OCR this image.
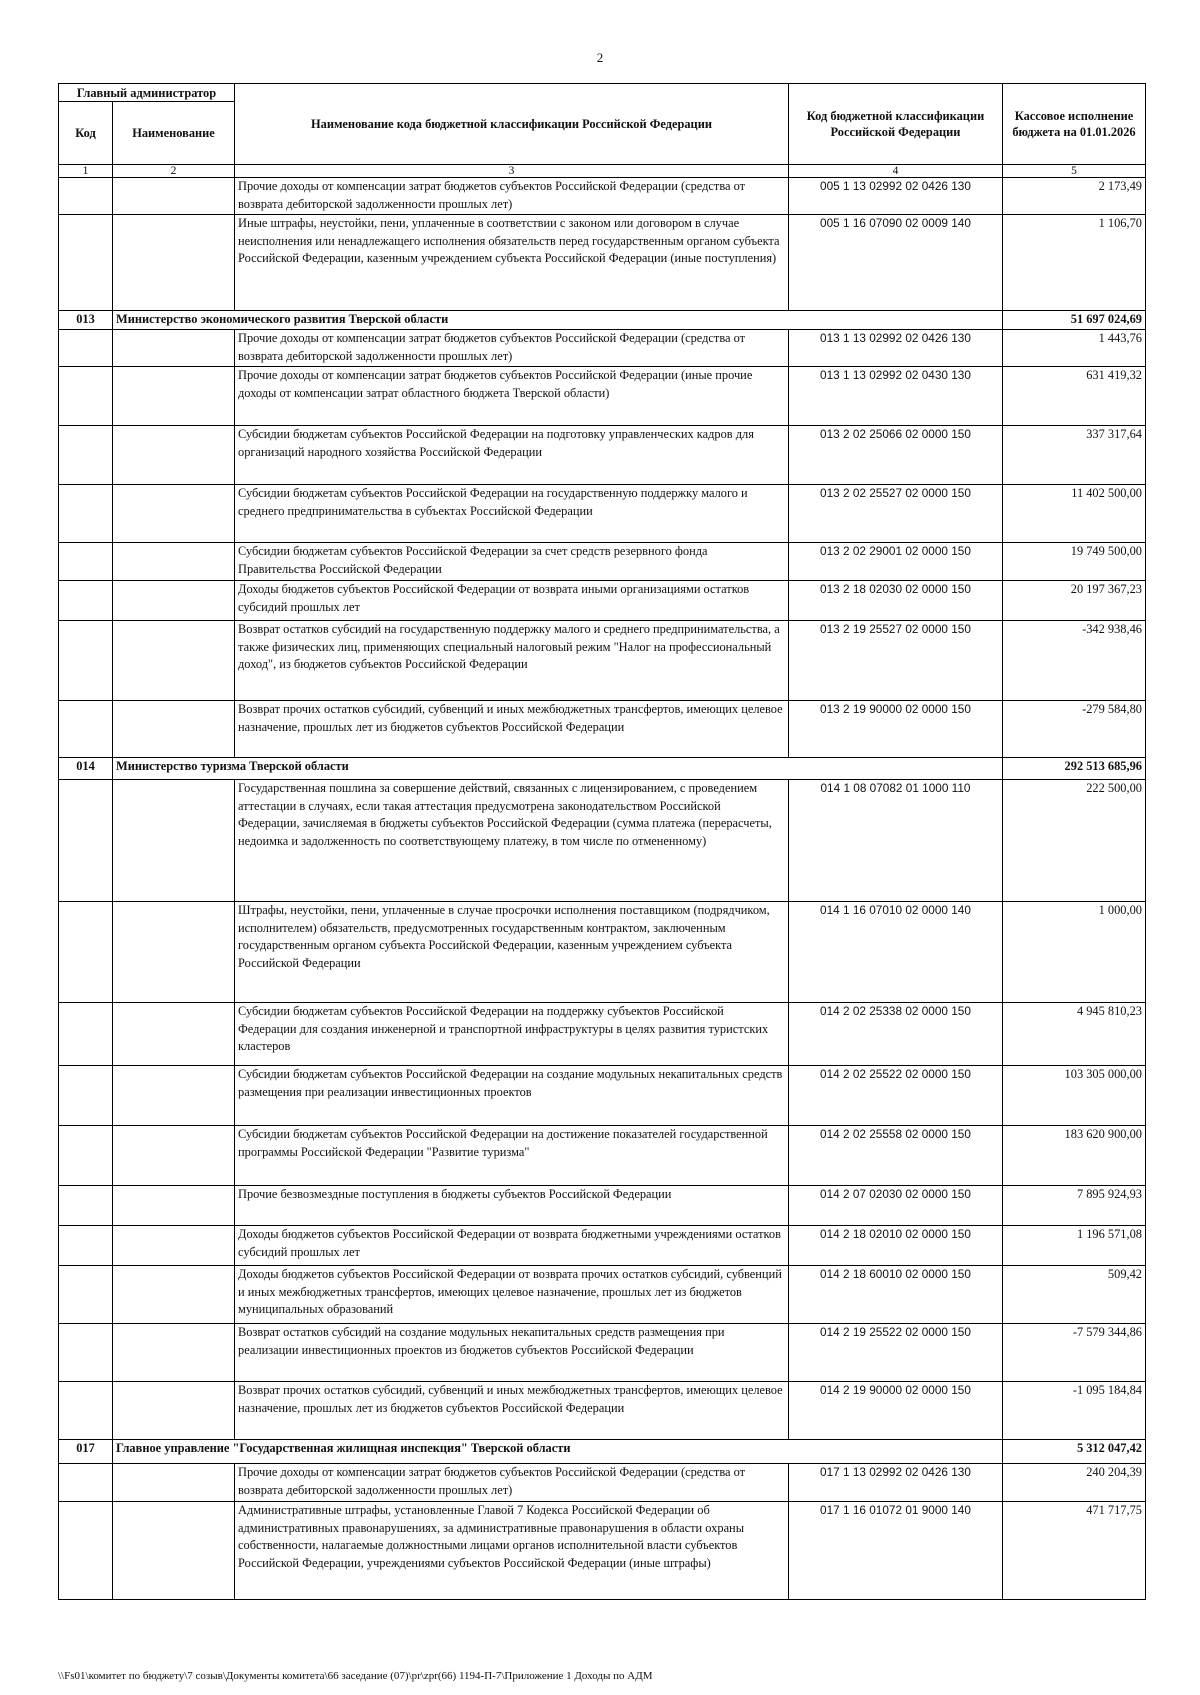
2
Главный администратор		Наименование кода бюджетной классификации Российской Федерации	Код бюджетной классификации Российской Федерации	Кассовое исполнение бюджета на 01.01.2026
Код	Наименование			
1	2	3	4	5
		Прочие доходы от компенсации затрат бюджетов субъектов Российской Федерации (средства от возврата дебиторской задолженности прошлых лет)	005 1 13 02992 02 0426 130	2 173,49
		Иные штрафы, неустойки, пени, уплаченные в соответствии с законом или договором в случае неисполнения или ненадлежащего исполнения обязательств перед государственным органом субъекта Российской Федерации, казенным учреждением субъекта Российской Федерации (иные поступления)	005 1 16 07090 02 0009 140	1 106,70
013	Министерство экономического развития Тверской области			51 697 024,69
		Прочие доходы от компенсации затрат бюджетов субъектов Российской Федерации (средства от возврата дебиторской задолженности прошлых лет)	013 1 13 02992 02 0426 130	1 443,76
		Прочие доходы от компенсации затрат бюджетов субъектов Российской Федерации (иные прочие доходы от компенсации затрат областного бюджета Тверской области)	013 1 13 02992 02 0430 130	631 419,32
		Субсидии бюджетам субъектов Российской Федерации на подготовку управленческих кадров для организаций народного хозяйства Российской Федерации	013 2 02 25066 02 0000 150	337 317,64
		Субсидии бюджетам субъектов Российской Федерации на государственную поддержку малого и среднего предпринимательства в субъектах Российской Федерации	013 2 02 25527 02 0000 150	11 402 500,00
		Субсидии бюджетам субъектов Российской Федерации за счет средств резервного фонда Правительства Российской Федерации	013 2 02 29001 02 0000 150	19 749 500,00
		Доходы бюджетов субъектов Российской Федерации от возврата иными организациями остатков субсидий прошлых лет	013 2 18 02030 02 0000 150	20 197 367,23
		Возврат остатков субсидий на государственную поддержку малого и среднего предпринимательства, а также физических лиц, применяющих специальный налоговый режим "Налог на профессиональный доход", из бюджетов субъектов Российской Федерации	013 2 19 25527 02 0000 150	-342 938,46
		Возврат прочих остатков субсидий, субвенций и иных межбюджетных трансфертов, имеющих целевое назначение, прошлых лет из бюджетов субъектов Российской Федерации	013 2 19 90000 02 0000 150	-279 584,80
014	Министерство туризма Тверской области			292 513 685,96
		Государственная пошлина за совершение действий, связанных с лицензированием, с проведением аттестации в случаях, если такая аттестация предусмотрена законодательством Российской Федерации, зачисляемая в бюджеты субъектов Российской Федерации (сумма платежа (перерасчеты, недоимка и задолженность по соответствующему платежу, в том числе по отмененному)	014 1 08 07082 01 1000 110	222 500,00
		Штрафы, неустойки, пени, уплаченные в случае просрочки исполнения поставщиком (подрядчиком, исполнителем) обязательств, предусмотренных государственным контрактом, заключенным государственным органом субъекта Российской Федерации, казенным учреждением субъекта Российской Федерации	014 1 16 07010 02 0000 140	1 000,00
		Субсидии бюджетам субъектов Российской Федерации на поддержку субъектов Российской Федерации для создания инженерной и транспортной инфраструктуры в целях развития туристских кластеров	014 2 02 25338 02 0000 150	4 945 810,23
		Субсидии бюджетам субъектов Российской Федерации на создание модульных некапитальных средств размещения при реализации инвестиционных проектов	014 2 02 25522 02 0000 150	103 305 000,00
		Субсидии бюджетам субъектов Российской Федерации на достижение показателей государственной программы Российской Федерации "Развитие туризма"	014 2 02 25558 02 0000 150	183 620 900,00
		Прочие безвозмездные поступления в бюджеты субъектов Российской Федерации	014 2 07 02030 02 0000 150	7 895 924,93
		Доходы бюджетов субъектов Российской Федерации от возврата бюджетными учреждениями остатков субсидий прошлых лет	014 2 18 02010 02 0000 150	1 196 571,08
		Доходы бюджетов субъектов Российской Федерации от возврата прочих остатков субсидий, субвенций и иных межбюджетных трансфертов, имеющих целевое назначение, прошлых лет из бюджетов муниципальных образований	014 2 18 60010 02 0000 150	509,42
		Возврат остатков субсидий на создание модульных некапитальных средств размещения при реализации инвестиционных проектов из бюджетов субъектов Российской Федерации	014 2 19 25522 02 0000 150	-7 579 344,86
		Возврат прочих остатков субсидий, субвенций и иных межбюджетных трансфертов, имеющих целевое назначение, прошлых лет из бюджетов субъектов Российской Федерации	014 2 19 90000 02 0000 150	-1 095 184,84
017	Главное управление "Государственная жилищная инспекция" Тверской области			5 312 047,42
		Прочие доходы от компенсации затрат бюджетов субъектов Российской Федерации (средства от возврата дебиторской задолженности прошлых лет)	017 1 13 02992 02 0426 130	240 204,39
		Административные штрафы, установленные Главой 7 Кодекса Российской Федерации об административных правонарушениях, за административные правонарушения в области охраны собственности, налагаемые должностными лицами органов исполнительной власти субъектов Российской Федерации, учреждениями субъектов Российской Федерации (иные штрафы)	017 1 16 01072 01 9000 140	471 717,75
\\Fs01\комитет по бюджету\7 созыв\Документы комитета\66 заседание (07)\pr\zpr(66) 1194-П-7\Приложение 1 Доходы по АДМ
